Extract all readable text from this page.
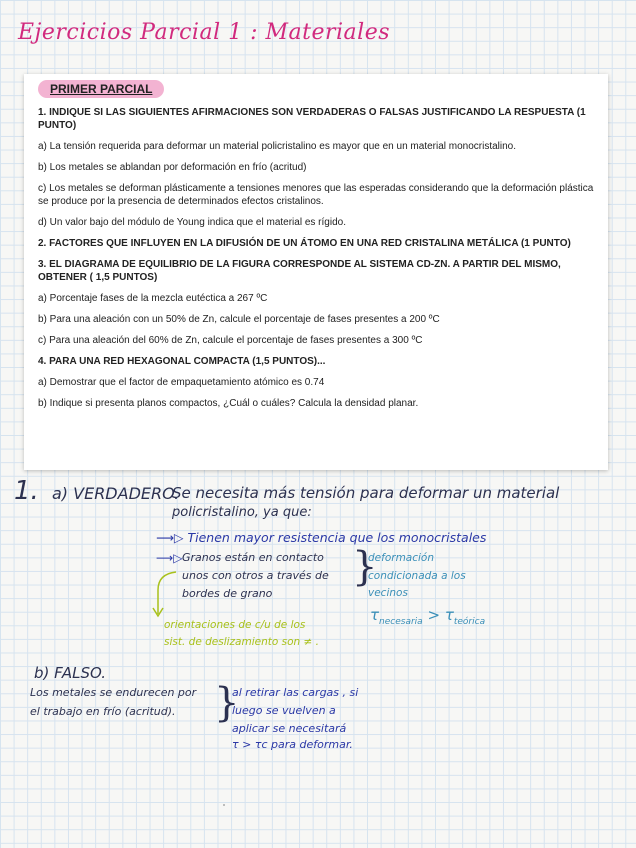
Ejercicios Parcial 1 : Materiales
PRIMER PARCIAL

1. INDIQUE SI LAS SIGUIENTES AFIRMACIONES SON VERDADERAS O FALSAS JUSTIFICANDO LA RESPUESTA (1 PUNTO)

a) La tensión requerida para deformar un material policristalino es mayor que en un material monocristalino.

b) Los metales se ablandan por deformación en frío (acritud)

c) Los metales se deforman plásticamente a tensiones menores que las esperadas considerando que la deformación plástica se produce por la presencia de determinados efectos cristalinos.

d) Un valor bajo del módulo de Young indica que el material es rígido.

2. FACTORES QUE INFLUYEN EN LA DIFUSIÓN DE UN ÁTOMO EN UNA RED CRISTALINA METÁLICA (1 PUNTO)

3. EL DIAGRAMA DE EQUILIBRIO DE LA FIGURA CORRESPONDE AL SISTEMA CD-ZN. A PARTIR DEL MISMO, OBTENER ( 1,5 PUNTOS)

a) Porcentaje fases de la mezcla eutéctica a 267 ºC

b) Para una aleación con un 50% de Zn, calcule el porcentaje de fases presentes a 200 ºC

c) Para una aleación del 60% de Zn, calcule el porcentaje de fases presentes a 300 ºC

4. PARA UNA RED HEXAGONAL COMPACTA (1,5 PUNTOS)...

a) Demostrar que el factor de empaquetamiento atómico es 0.74

b) Indique si presenta planos compactos, ¿Cuál o cuáles? Calcula la densidad planar.

1. a) VERDADERO.
Se necesita más tensión para deformar un material
policristalino, ya que:
⟶▷ Tienen mayor resistencia que los monocristales
⟶▷ Granos están en contacto
unos con otros a través de
bordes de grano
}
deformación
condicionada a los
vecinos
$\tau_{necesaria} > \tau_{teórica}$
orientaciones de c/u de los
sist. de deslizamiento son ≠ .
b) FALSO.
Los metales se endurecen por
el trabajo en frío (acritud). }
al retirar las cargas , si
luego se vuelven a
aplicar se necesitará
τ > τc para deformar.
